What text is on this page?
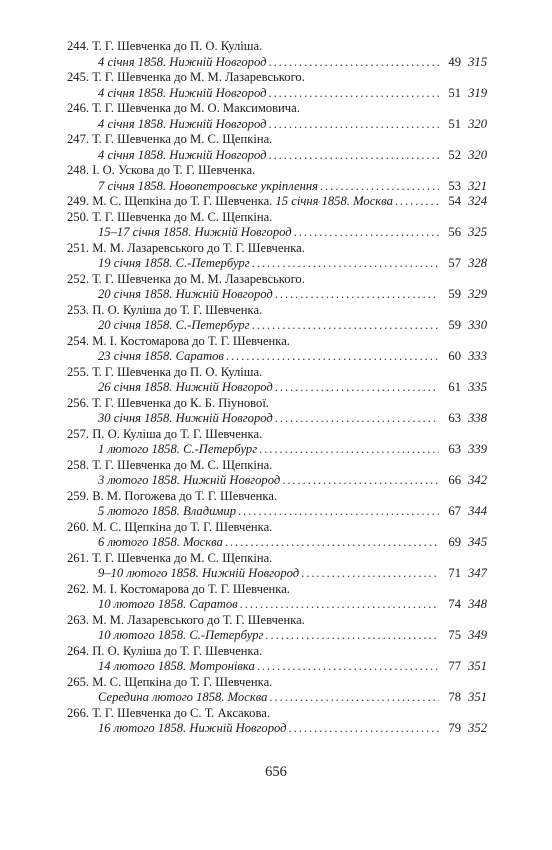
244. Т. Г. Шевченка до П. О. Куліша.
4 січня 1858. Нижній Новгород . . .	49 315
245. Т. Г. Шевченка до М. М. Лазаревського.
4 січня 1858. Нижній Новгород . . .	51 319
246. Т. Г. Шевченка до М. О. Максимовича.
4 січня 1858. Нижній Новгород . . .	51 320
247. Т. Г. Шевченка до М. С. Щепкіна.
4 січня 1858. Нижній Новгород . . .	52 320
248. І. О. Ускова до Т. Г. Шевченка.
7 січня 1858. Новопетровське укріплення . . .	53 321
249. М. С. Щепкіна до Т. Г. Шевченка.
15 січня 1858. Москва . . .	54 324
250. Т. Г. Шевченка до М. С. Щепкіна.
15–17 січня 1858. Нижній Новгород . . .	56 325
251. М. М. Лазаревського до Т. Г. Шевченка.
19 січня 1858. С.-Петербург . . .	57 328
252. Т. Г. Шевченка до М. М. Лазаревського.
20 січня 1858. Нижній Новгород . . .	59 329
253. П. О. Куліша до Т. Г. Шевченка.
20 січня 1858. С.-Петербург . . .	59 330
254. М. І. Костомарова до Т. Г. Шевченка.
23 січня 1858. Саратов . . .	60 333
255. Т. Г. Шевченка до П. О. Куліша.
26 січня 1858. Нижній Новгород . . .	61 335
256. Т. Г. Шевченка до К. Б. Піунової.
30 січня 1858. Нижній Новгород . . .	63 338
257. П. О. Куліша до Т. Г. Шевченка.
1 лютого 1858. С.-Петербург . . .	63 339
258. Т. Г. Шевченка до М. С. Щепкіна.
3 лютого 1858. Нижній Новгород . . .	66 342
259. В. М. Погожева до Т. Г. Шевченка.
5 лютого 1858. Владимир . . .	67 344
260. М. С. Щепкіна до Т. Г. Шевченка.
6 лютого 1858. Москва . . .	69 345
261. Т. Г. Шевченка до М. С. Щепкіна.
9–10 лютого 1858. Нижній Новгород . . .	71 347
262. М. І. Костомарова до Т. Г. Шевченка.
10 лютого 1858. Саратов . . .	74 348
263. М. М. Лазаревського до Т. Г. Шевченка.
10 лютого 1858. С.-Петербург . . .	75 349
264. П. О. Куліша до Т. Г. Шевченка.
14 лютого 1858. Мотронівка . . .	77 351
265. М. С. Щепкіна до Т. Г. Шевченка.
Середина лютого 1858. Москва . . .	78 351
266. Т. Г. Шевченка до С. Т. Аксакова.
16 лютого 1858. Нижній Новгород . . .	79 352
656
